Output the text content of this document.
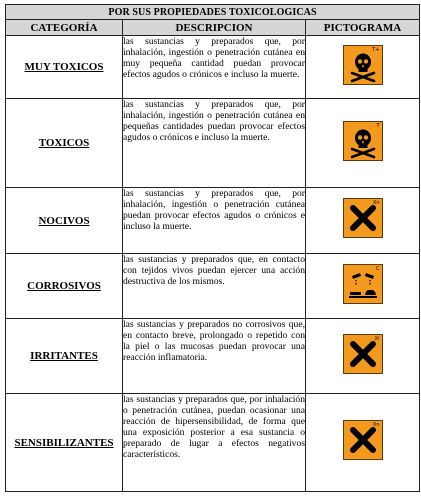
POR SUS PROPIEDADES TOXICOLOGICAS		
CATEGORÍA	DESCRIPCION	PICTOGRAMA
MUY TOXICOS	las sustancias y preparados que, por inhalación, ingestión o penetración cutánea en muy pequeña cantidad puedan provocar efectos agudos o crónicos e incluso la muerte.	T+

TOXICOS	las sustancias y preparados que, por inhalación, ingestión o penetración cutánea en pequeñas cantidades puedan provocar efectos agudos o crónicos e incluso la muerte.	T

NOCIVOS	las sustancias y preparados que, por inhalación, ingestión o penetración cutánea puedan provocar efectos agudos o crónicos e incluso la muerte.	Xn

CORROSIVOS	las sustancias y preparados que, en contacto con tejidos vivos puedan ejercer una acción destructiva de los mismos.	C

IRRITANTES	las sustancias y preparados no corrosivos que, en contacto breve, prolongado o repetido con la piel o las mucosas puedan provocar una reacción inflamatoria.	Xi

SENSIBILIZANTES	las sustancias y preparados que, por inhalación o penetración cutánea, puedan ocasionar una reacción de hipersensibilidad, de forma que una exposición posterior a esa sustancia o preparado de lugar a efectos negativos característicos.	Xn
